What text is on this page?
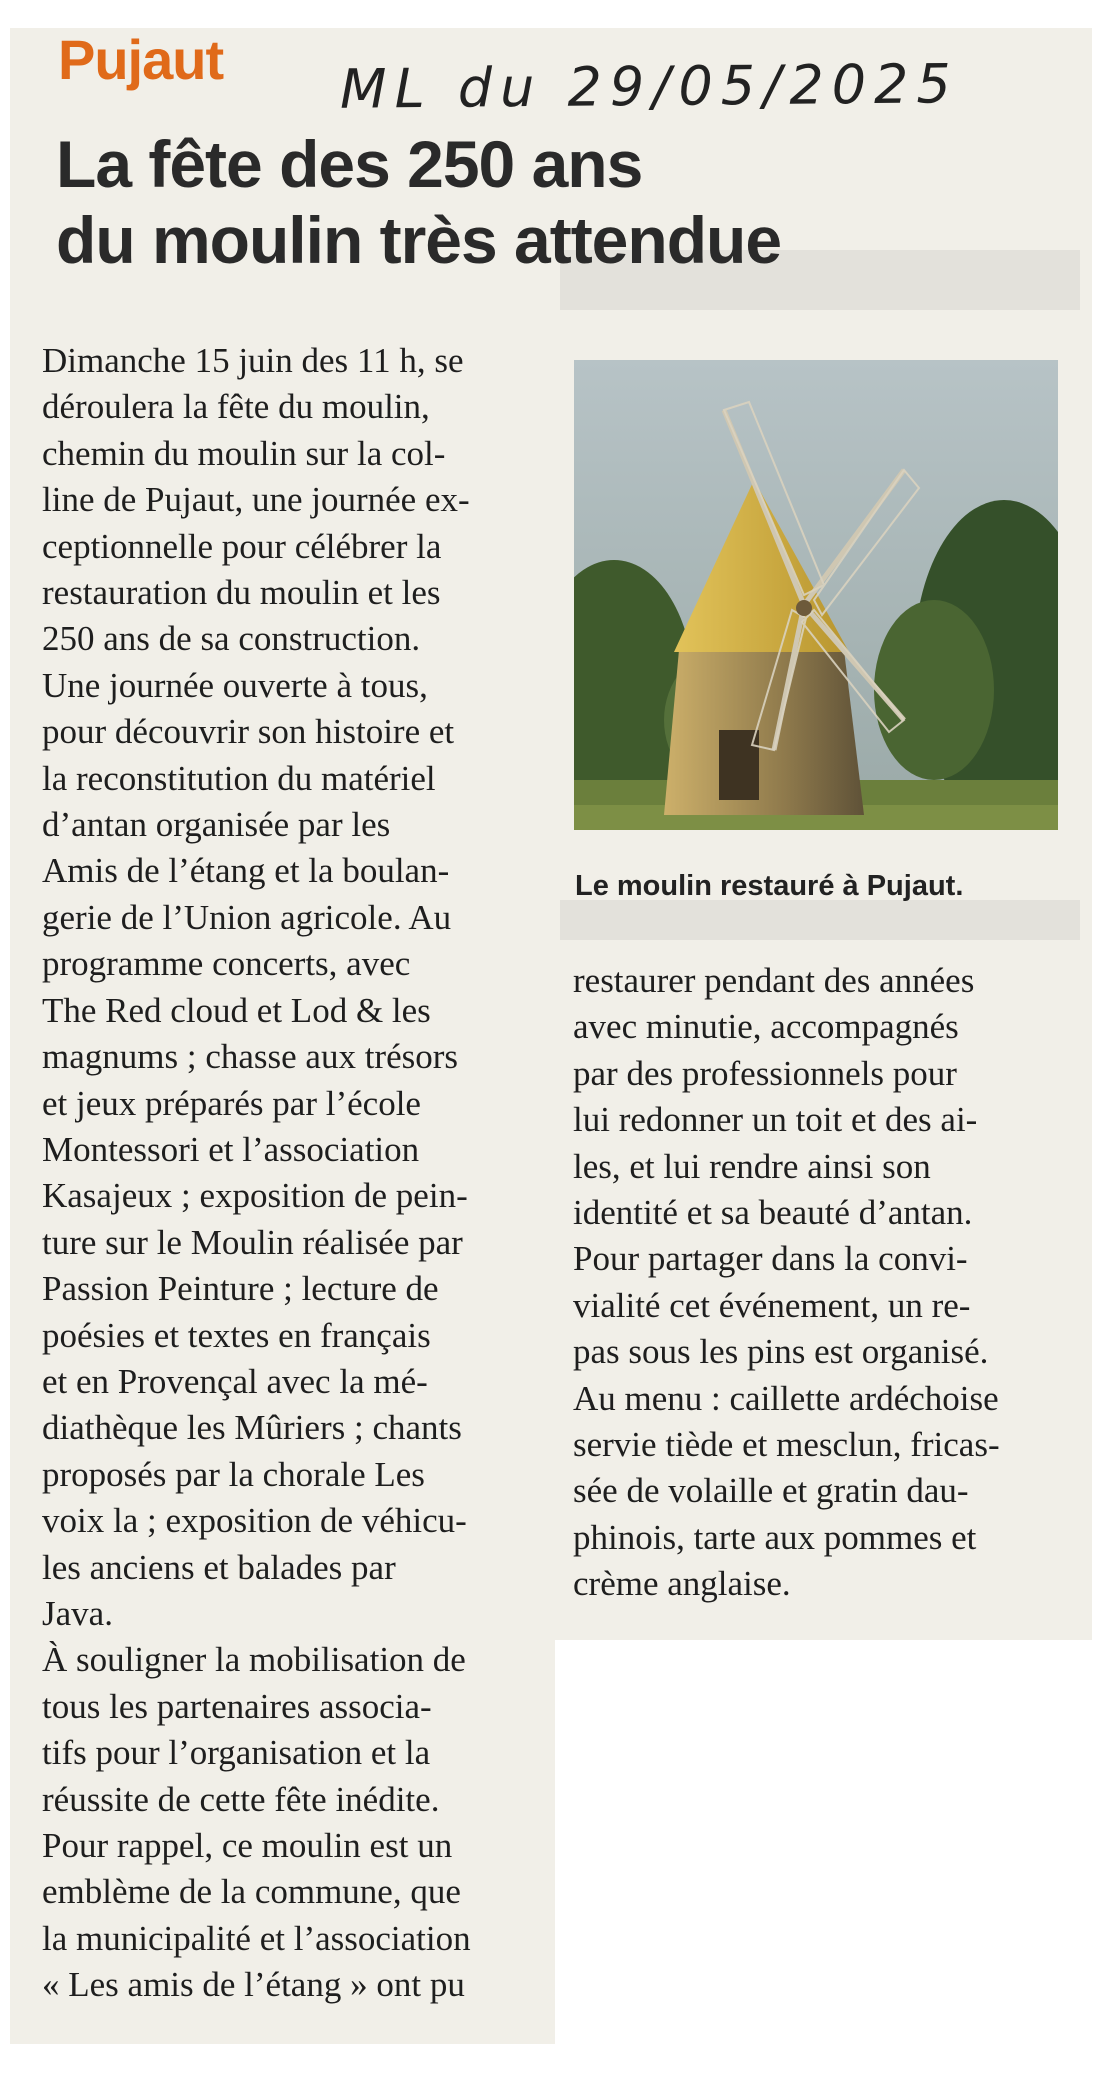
Pujaut ML du 29/05/2025
La fête des 250 ans
du moulin très attendue
Dimanche 15 juin des 11 h, se
déroulera la fête du moulin,
chemin du moulin sur la col-
line de Pujaut, une journée ex-
ceptionnelle pour célébrer la
restauration du moulin et les
250 ans de sa construction.
Une journée ouverte à tous,
pour découvrir son histoire et
la reconstitution du matériel
d’antan organisée par les
Amis de l’étang et la boulan-
gerie de l’Union agricole. Au
programme concerts, avec
The Red cloud et Lod & les
magnums ; chasse aux trésors
et jeux préparés par l’école
Montessori et l’association
Kasajeux ; exposition de pein-
ture sur le Moulin réalisée par
Passion Peinture ; lecture de
poésies et textes en français
et en Provençal avec la mé-
diathèque les Mûriers ; chants
proposés par la chorale Les
voix la ; exposition de véhicu-
les anciens et balades par
Java.
À souligner la mobilisation de
tous les partenaires associa-
tifs pour l’organisation et la
réussite de cette fête inédite.
Pour rappel, ce moulin est un
emblème de la commune, que
la municipalité et l’association
« Les amis de l’étang » ont pu
Le moulin restauré à Pujaut.
restaurer pendant des années
avec minutie, accompagnés
par des professionnels pour
lui redonner un toit et des ai-
les, et lui rendre ainsi son
identité et sa beauté d’antan.
Pour partager dans la convi-
vialité cet événement, un re-
pas sous les pins est organisé.
Au menu : caillette ardéchoise
servie tiède et mesclun, fricas-
sée de volaille et gratin dau-
phinois, tarte aux pommes et
crème anglaise.
